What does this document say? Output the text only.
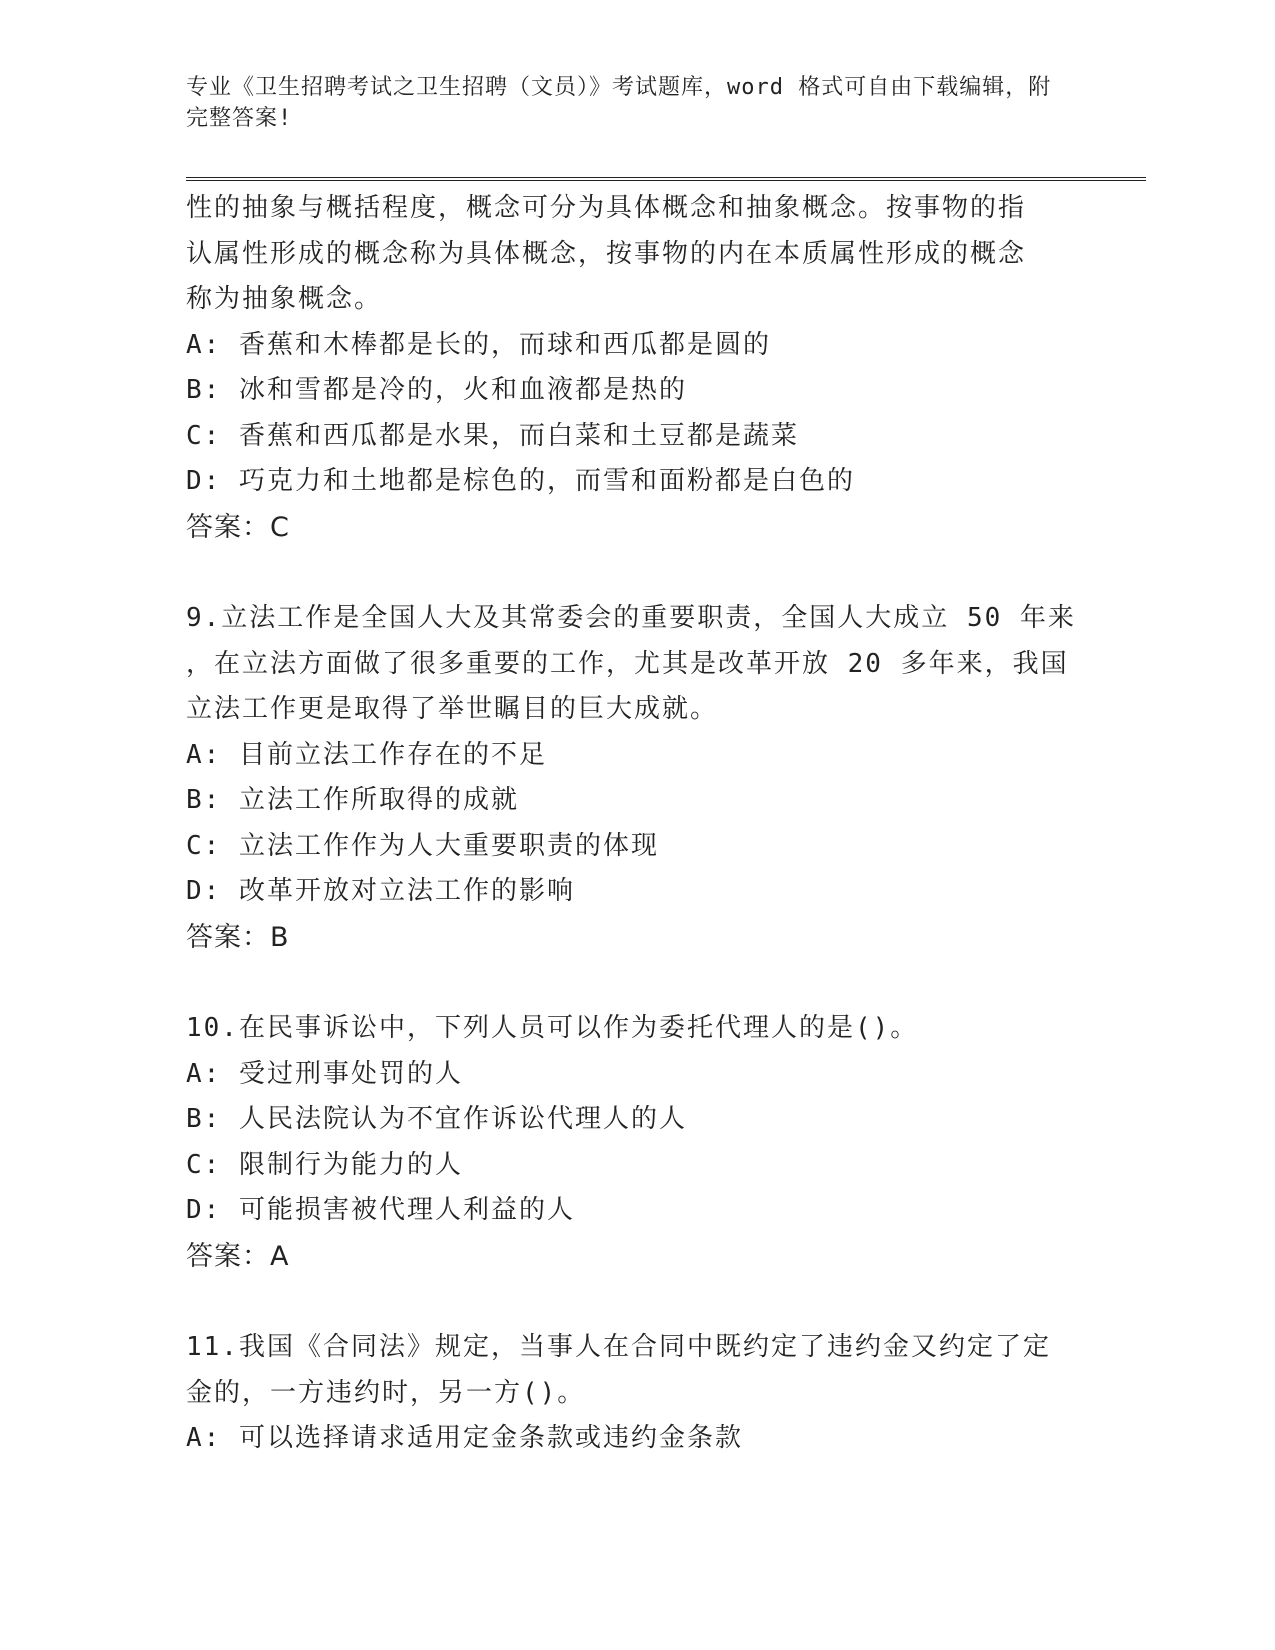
专业《卫生招聘考试之卫生招聘（文员）》考试题库，word 格式可自由下载编辑，附完整答案!
性的抽象与概括程度，概念可分为具体概念和抽象概念。按事物的指
认属性形成的概念称为具体概念，按事物的内在本质属性形成的概念
称为抽象概念。
A: 香蕉和木棒都是长的，而球和西瓜都是圆的
B: 冰和雪都是冷的，火和血液都是热的
C: 香蕉和西瓜都是水果，而白菜和土豆都是蔬菜
D: 巧克力和土地都是棕色的，而雪和面粉都是白色的
答案：C
9.立法工作是全国人大及其常委会的重要职责，全国人大成立 50 年来
，在立法方面做了很多重要的工作，尤其是改革开放 20 多年来，我国
立法工作更是取得了举世瞩目的巨大成就。
A: 目前立法工作存在的不足
B: 立法工作所取得的成就
C: 立法工作作为人大重要职责的体现
D: 改革开放对立法工作的影响
答案：B
10.在民事诉讼中，下列人员可以作为委托代理人的是()。
A: 受过刑事处罚的人
B: 人民法院认为不宜作诉讼代理人的人
C: 限制行为能力的人
D: 可能损害被代理人利益的人
答案：A
11.我国《合同法》规定，当事人在合同中既约定了违约金又约定了定
金的，一方违约时，另一方()。
A: 可以选择请求适用定金条款或违约金条款
